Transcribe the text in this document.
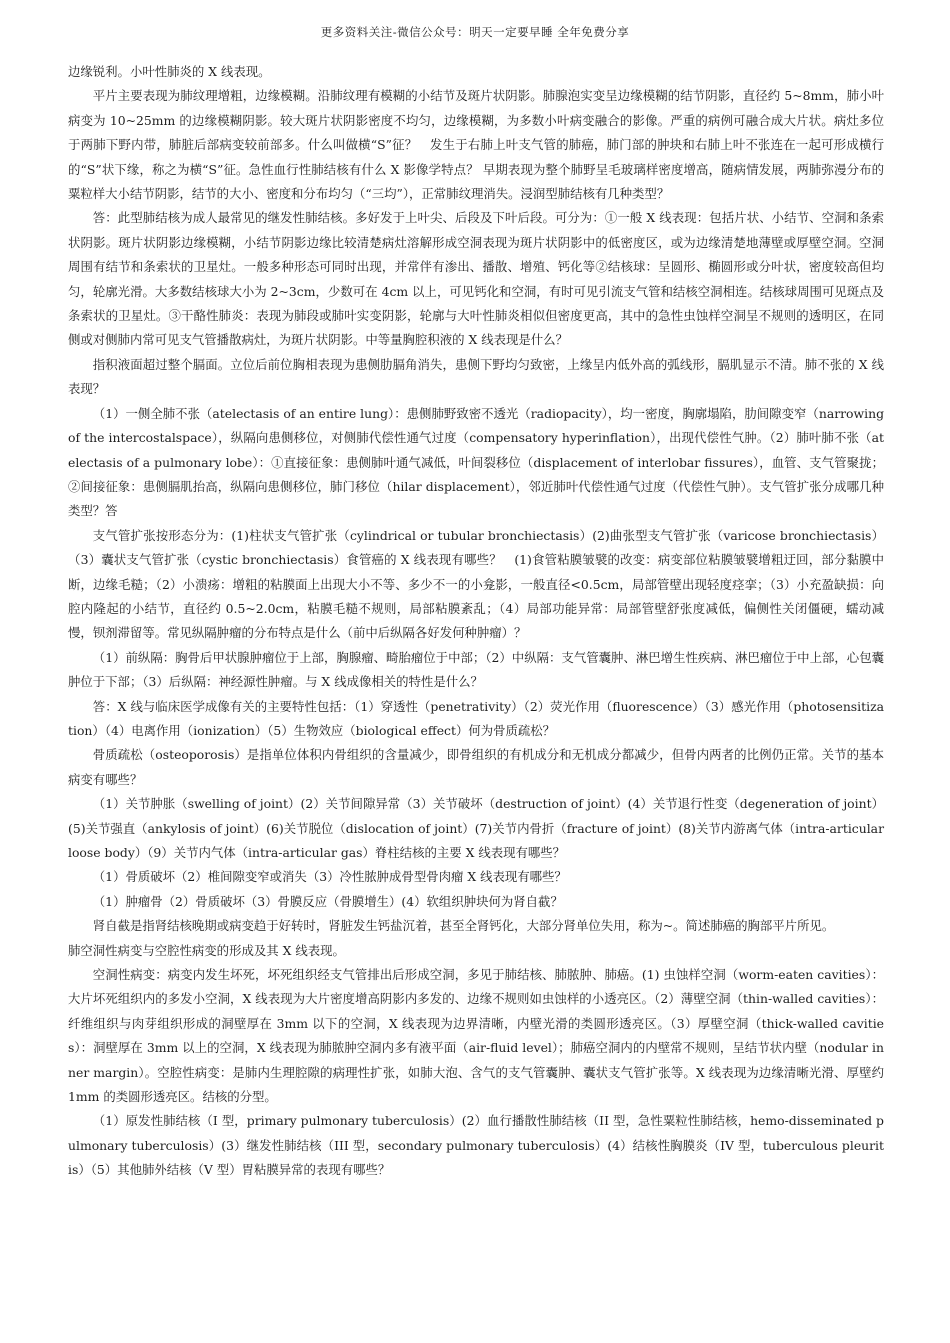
更多资料关注-微信公众号：明天一定要早睡 全年免费分享

边缘锐利。小叶性肺炎的 X 线表现。

平片主要表现为肺纹理增粗，边缘模糊。沿肺纹理有模糊的小结节及斑片状阴影。肺腺泡实变呈边缘模糊的结节阴影，直径约 5~8mm，肺小叶病变为 10~25mm 的边缘模糊阴影。较大斑片状阴影密度不均匀，边缘模糊，为多数小叶病变融合的影像。严重的病例可融合成大片状。病灶多位于两肺下野内带，肺脏后部病变较前部多。什么叫做横“S”征？　发生于右肺上叶支气管的肺癌，肺门部的肿块和右肺上叶不张连在一起可形成横行的“S”状下缘，称之为横“S”征。急性血行性肺结核有什么 X 影像学特点？ 早期表现为整个肺野呈毛玻璃样密度增高，随病情发展，两肺弥漫分布的粟粒样大小结节阴影，结节的大小、密度和分布均匀（“三均”），正常肺纹理消失。浸润型肺结核有几种类型？

答：此型肺结核为成人最常见的继发性肺结核。多好发于上叶尖、后段及下叶后段。可分为：①一般 X 线表现：包括片状、小结节、空洞和条索状阴影。斑片状阴影边缘模糊，小结节阴影边缘比较清楚病灶溶解形成空洞表现为斑片状阴影中的低密度区，或为边缘清楚地薄壁或厚壁空洞。空洞周围有结节和条索状的卫星灶。一般多种形态可同时出现，并常伴有渗出、播散、增殖、钙化等②结核球：呈圆形、椭圆形或分叶状，密度较高但均匀，轮廓光滑。大多数结核球大小为 2~3cm，少数可在 4cm 以上，可见钙化和空洞，有时可见引流支气管和结核空洞相连。结核球周围可见斑点及条索状的卫星灶。③干酪性肺炎：表现为肺段或肺叶实变阴影，轮廓与大叶性肺炎相似但密度更高，其中的急性虫蚀样空洞呈不规则的透明区，在同侧或对侧肺内常可见支气管播散病灶，为斑片状阴影。中等量胸腔积液的 X 线表现是什么？

指积液面超过整个膈面。立位后前位胸相表现为患侧肋膈角消失，患侧下野均匀致密，上缘呈内低外高的弧线形，膈肌显示不清。肺不张的 X 线表现？

（1）一侧全肺不张（atelectasis of an entire lung）：患侧肺野致密不透光（radiopacity），均一密度，胸廓塌陷，肋间隙变窄（narrowing of the intercostalspace），纵隔向患侧移位，对侧肺代偿性通气过度（compensatory hyperinflation），出现代偿性气肿。（2）肺叶肺不张（atelectasis of a pulmonary lobe）：①直接征象：患侧肺叶通气减低，叶间裂移位（displacement of interlobar fissures），血管、支气管聚拢；②间接征象：患侧膈肌抬高，纵隔向患侧移位，肺门移位（hilar displacement），邻近肺叶代偿性通气过度（代偿性气肿）。支气管扩张分成哪几种类型？答

支气管扩张按形态分为：(1)柱状支气管扩张（cylindrical or tubular bronchiectasis）(2)曲张型支气管扩张（varicose bronchiectasis）（3）囊状支气管扩张（cystic bronchiectasis）食管癌的 X 线表现有哪些？　(1)食管粘膜皱襞的改变：病变部位粘膜皱襞增粗迂回，部分黏膜中断，边缘毛糙；（2）小溃疡：增粗的粘膜面上出现大小不等、多少不一的小龛影，一般直径<0.5cm，局部管壁出现轻度痉挛；（3）小充盈缺损：向腔内隆起的小结节，直径约 0.5~2.0cm，粘膜毛糙不规则，局部粘膜紊乱；（4）局部功能异常：局部管壁舒张度减低，偏侧性关闭僵硬，蠕动减慢，钡剂滞留等。常见纵隔肿瘤的分布特点是什么（前中后纵隔各好发何种肿瘤）？

（1）前纵隔：胸骨后甲状腺肿瘤位于上部，胸腺瘤、畸胎瘤位于中部；（2）中纵隔：支气管囊肿、淋巴增生性疾病、淋巴瘤位于中上部，心包囊肿位于下部；（3）后纵隔：神经源性肿瘤。与 X 线成像相关的特性是什么？

答：X 线与临床医学成像有关的主要特性包括：（1）穿透性（penetrativity）（2）荧光作用（fluorescence）（3）感光作用（photosensitization）（4）电离作用（ionization）（5）生物效应（biological effect）何为骨质疏松？

骨质疏松（osteoporosis）是指单位体积内骨组织的含量减少，即骨组织的有机成分和无机成分都减少，但骨内两者的比例仍正常。关节的基本病变有哪些？

（1）关节肿胀（swelling of joint）(2）关节间隙异常（3）关节破坏（destruction of joint）(4）关节退行性变（degeneration of joint）(5)关节强直（ankylosis of joint）(6)关节脱位（dislocation of joint）(7)关节内骨折（fracture of joint）(8)关节内游离气体（intra-articular loose body）（9）关节内气体（intra-articular gas）脊柱结核的主要 X 线表现有哪些？

（1）骨质破坏（2）椎间隙变窄或消失（3）冷性脓肿成骨型骨肉瘤 X 线表现有哪些？

（1）肿瘤骨（2）骨质破坏（3）骨膜反应（骨膜增生）(4）软组织肿块何为肾自截？

肾自截是指肾结核晚期或病变趋于好转时，肾脏发生钙盐沉着，甚至全肾钙化，大部分肾单位失用，称为~。简述肺癌的胸部平片所见。

肺空洞性病变与空腔性病变的形成及其 X 线表现。

空洞性病变：病变内发生坏死，坏死组织经支气管排出后形成空洞，多见于肺结核、肺脓肿、肺癌。(1) 虫蚀样空洞（worm-eaten cavities）：大片坏死组织内的多发小空洞，X 线表现为大片密度增高阴影内多发的、边缘不规则如虫蚀样的小透亮区。（2）薄壁空洞（thin-walled cavities）：纤维组织与肉芽组织形成的洞壁厚在 3mm 以下的空洞，X 线表现为边界清晰，内壁光滑的类圆形透亮区。（3）厚壁空洞（thick-walled cavities）：洞壁厚在 3mm 以上的空洞，X 线表现为肺脓肿空洞内多有液平面（air-fluid level）；肺癌空洞内的内壁常不规则，呈结节状内壁（nodular inner margin）。空腔性病变：是肺内生理腔隙的病理性扩张，如肺大泡、含气的支气管囊肿、囊状支气管扩张等。X 线表现为边缘清晰光滑、厚壁约 1mm 的类圆形透亮区。结核的分型。

（1）原发性肺结核（I 型，primary pulmonary tuberculosis）(2）血行播散性肺结核（II 型，急性粟粒性肺结核，hemo-disseminated pulmonary tuberculosis）(3）继发性肺结核（III 型，secondary pulmonary tuberculosis）(4）结核性胸膜炎（IV 型，tuberculous pleuritis）（5）其他肺外结核（V 型）胃粘膜异常的表现有哪些？
